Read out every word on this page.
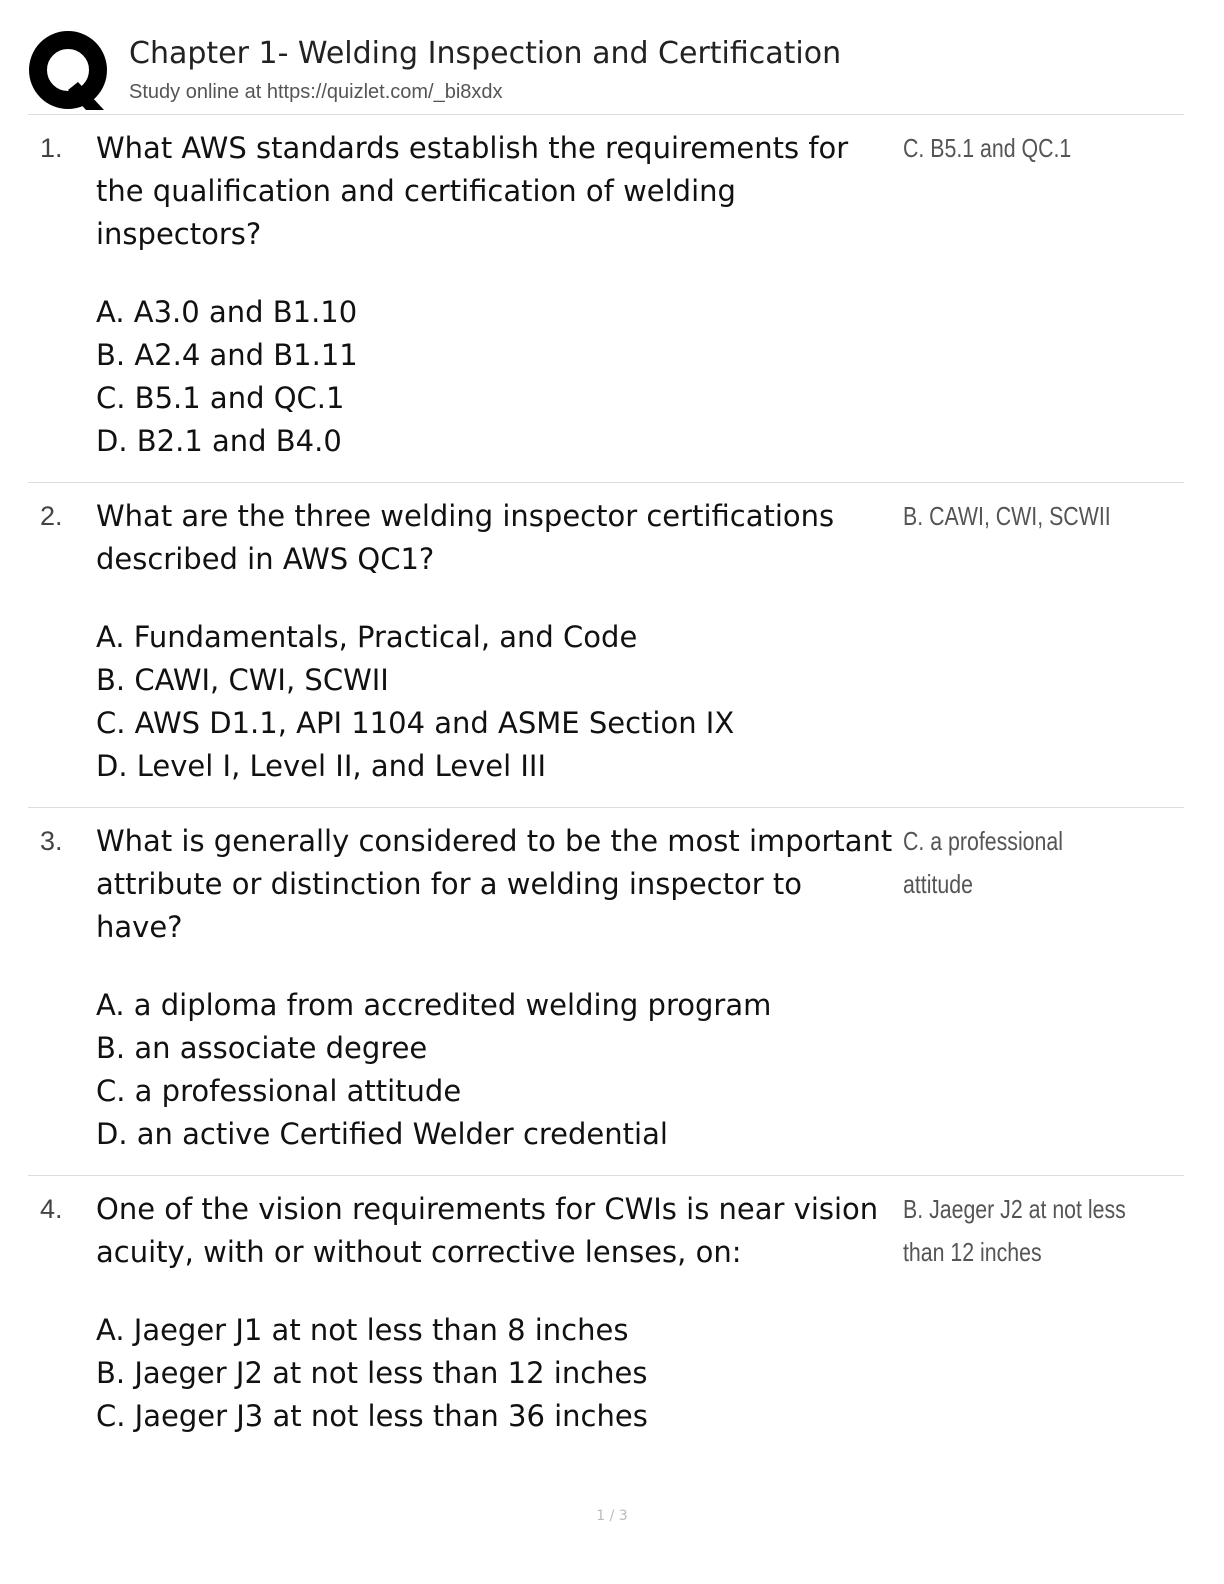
Chapter 1- Welding Inspection and Certification
Study online at https://quizlet.com/_bi8xdx
1. What AWS standards establish the requirements for the qualification and certification of welding inspectors?
A. A3.0 and B1.10
B. A2.4 and B1.11
C. B5.1 and QC.1
D. B2.1 and B4.0
C. B5.1 and QC.1
2. What are the three welding inspector certifications described in AWS QC1?
A. Fundamentals, Practical, and Code
B. CAWI, CWI, SCWII
C. AWS D1.1, API 1104 and ASME Section IX
D. Level I, Level II, and Level III
B. CAWI, CWI, SCWII
3. What is generally considered to be the most important attribute or distinction for a welding inspector to have?
A. a diploma from accredited welding program
B. an associate degree
C. a professional attitude
D. an active Certified Welder credential
C. a professional attitude
4. One of the vision requirements for CWIs is near vision acuity, with or without corrective lenses, on:
A. Jaeger J1 at not less than 8 inches
B. Jaeger J2 at not less than 12 inches
C. Jaeger J3 at not less than 36 inches
B. Jaeger J2 at not less than 12 inches
1 / 3
